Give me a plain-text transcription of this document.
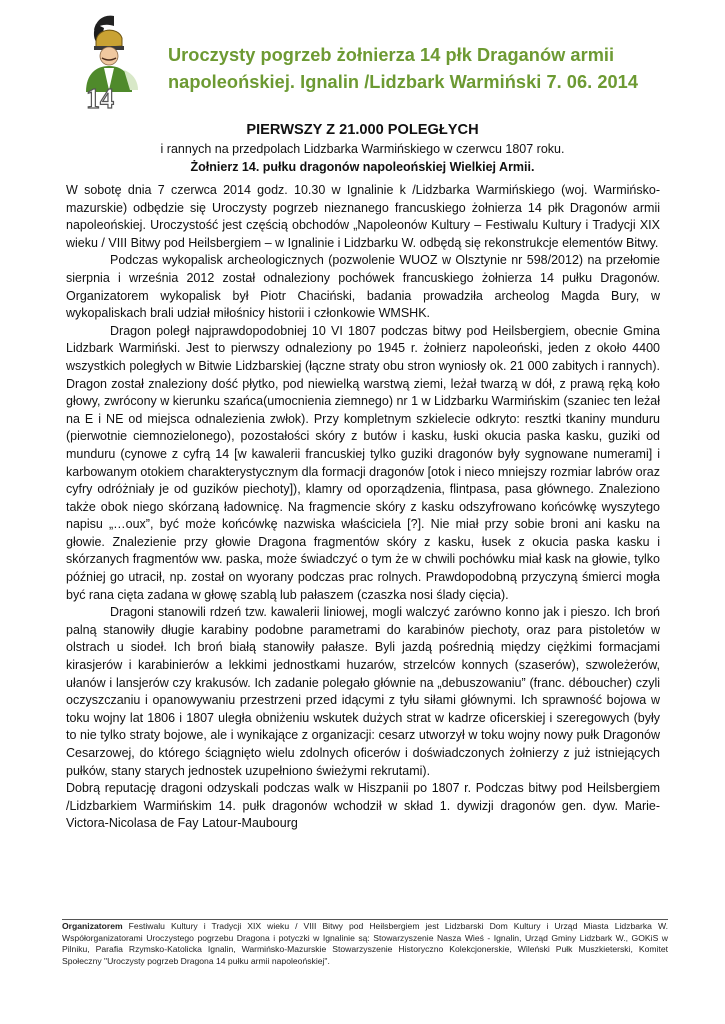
14
Uroczysty pogrzeb żołnierza 14 płk Draganów armii napoleońskiej. Ignalin /Lidzbark Warmiński 7. 06. 2014
PIERWSZY Z 21.000 POLEGŁYCH
i rannych na przedpolach Lidzbarka Warmińskiego w czerwcu 1807 roku.
Żołnierz 14. pułku dragonów napoleońskiej Wielkiej Armii.

W sobotę dnia 7 czerwca 2014 godz. 10.30 w Ignalinie k /Lidzbarka Warmińskiego (woj. Warmińsko-mazurskie) odbędzie się Uroczysty pogrzeb nieznanego francuskiego żołnierza 14 płk Dragonów armii napoleońskiej. Uroczystość jest częścią obchodów „Napoleonów Kultury – Festiwalu Kultury i Tradycji XIX wieku / VIII Bitwy pod Heilsbergiem – w Ignalinie i Lidzbarku W. odbędą się rekonstrukcje elementów Bitwy.

Podczas wykopalisk archeologicznych (pozwolenie WUOZ w Olsztynie nr 598/2012) na przełomie sierpnia i września 2012 został odnaleziony pochówek francuskiego żołnierza 14 pułku Dragonów. Organizatorem wykopalisk był Piotr Chaciński, badania prowadziła archeolog Magda Bury, w wykopaliskach brali udział miłośnicy historii i członkowie WMSHK.

Dragon poległ najprawdopodobniej 10 VI 1807 podczas bitwy pod Heilsbergiem, obecnie Gmina Lidzbark Warmiński. Jest to pierwszy odnaleziony po 1945 r. żołnierz napoleoński, jeden z około 4400 wszystkich poległych w Bitwie Lidzbarskiej (łączne straty obu stron wyniosły ok. 21 000 zabitych i rannych). Dragon został znaleziony dość płytko, pod niewielką warstwą ziemi, leżał twarzą w dół, z prawą ręką koło głowy, zwrócony w kierunku szańca(umocnienia ziemnego) nr 1 w Lidzbarku Warmińskim (szaniec ten leżał na E i NE od miejsca odnalezienia zwłok). Przy kompletnym szkielecie odkryto: resztki tkaniny munduru (pierwotnie ciemnozielonego), pozostałości skóry z butów i kasku, łuski okucia paska kasku, guziki od munduru (cynowe z cyfrą 14 [w kawalerii francuskiej tylko guziki dragonów były sygnowane numerami] i karbowanym otokiem charakterystycznym dla formacji dragonów [otok i nieco mniejszy rozmiar labrów oraz cyfry odróżniały je od guzików piechoty]), klamry od oporządzenia, flintpasa, pasa głównego. Znaleziono także obok niego skórzaną ładownicę. Na fragmencie skóry z kasku odszyfrowano końcówkę wyszytego napisu „…oux”, być może końcówkę nazwiska właściciela [?]. Nie miał przy sobie broni ani kasku na głowie. Znalezienie przy głowie Dragona fragmentów skóry z kasku, łusek z okucia paska kasku i skórzanych fragmentów ww. paska, może świadczyć o tym że w chwili pochówku miał kask na głowie, tylko później go utracił, np. został on wyorany podczas prac rolnych. Prawdopodobną przyczyną śmierci mogła być rana cięta zadana w głowę szablą lub pałaszem (czaszka nosi ślady cięcia).

Dragoni stanowili rdzeń tzw. kawalerii liniowej, mogli walczyć zarówno konno jak i pieszo. Ich broń palną stanowiły długie karabiny podobne parametrami do karabinów piechoty, oraz para pistoletów w olstrach u siodeł. Ich broń białą stanowiły pałasze. Byli jazdą pośrednią między ciężkimi formacjami kirasjerów i karabinierów a lekkimi jednostkami huzarów, strzelców konnych (szaserów), szwoleżerów, ułanów i lansjerów czy krakusów. Ich zadanie polegało głównie na „debuszowaniu” (franc. déboucher) czyli oczyszczaniu i opanowywaniu przestrzeni przed idącymi z tyłu siłami głównymi. Ich sprawność bojowa w toku wojny lat 1806 i 1807 uległa obniżeniu wskutek dużych strat w kadrze oficerskiej i szeregowych (były to nie tylko straty bojowe, ale i wynikające z organizacji: cesarz utworzył w toku wojny nowy pułk Dragonów Cesarzowej, do którego ściągnięto wielu zdolnych oficerów i doświadczonych żołnierzy z już istniejących pułków, stany starych jednostek uzupełniono świeżymi rekrutami).

Dobrą reputację dragoni odzyskali podczas walk w Hiszpanii po 1807 r. Podczas bitwy pod Heilsbergiem /Lidzbarkiem Warmińskim 14. pułk dragonów wchodził w skład 1. dywizji dragonów gen. dyw. Marie-Victora-Nicolasa de Fay Latour-Maubourg

Organizatorem Festiwalu Kultury i Tradycji XIX wieku / VIII Bitwy pod Heilsbergiem jest Lidzbarski Dom Kultury i Urząd Miasta Lidzbarka W. Współorganizatorami Uroczystego pogrzebu Dragona i potyczki w Ignalinie są: Stowarzyszenie Nasza Wieś - Ignalin, Urząd Gminy Lidzbark W., GOKiS w Pilniku, Parafia Rzymsko-Katolicka Ignalin, Warmińsko-Mazurskie Stowarzyszenie Historyczno Kolekcjonerskie, Wileński Pułk Muszkieterski, Komitet Społeczny "Uroczysty pogrzeb Dragona 14 pułku armii napoleońskiej".
